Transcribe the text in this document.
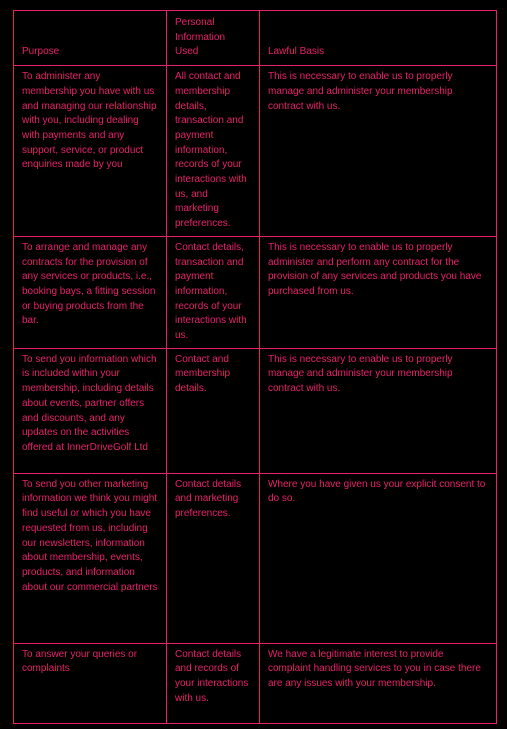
Purpose	Personal Information Used	Lawful Basis
To administer any membership you have with us and managing our relationship with you, including dealing with payments and any support, service, or product enquiries made by you	All contact and membership details, transaction and payment information, records of your interactions with us, and marketing preferences.	This is necessary to enable us to properly manage and administer your membership contract with us.
To arrange and manage any contracts for the provision of any services or products, i.e., booking bays, a fitting session or buying products from the bar.	Contact details, transaction and payment information, records of your interactions with us.	This is necessary to enable us to properly administer and perform any contract for the provision of any services and products you have purchased from us.
To send you information which is included within your membership, including details about events, partner offers and discounts, and any updates on the activities offered at InnerDriveGolf Ltd	Contact and membership details.	This is necessary to enable us to properly manage and administer your membership contract with us.
To send you other marketing information we think you might find useful or which you have requested from us, including our newsletters, information about membership, events, products, and information about our commercial partners	Contact details and marketing preferences.	Where you have given us your explicit consent to do so.
To answer your queries or complaints	Contact details and records of your interactions with us.	We have a legitimate interest to provide complaint handling services to you in case there are any issues with your membership.
